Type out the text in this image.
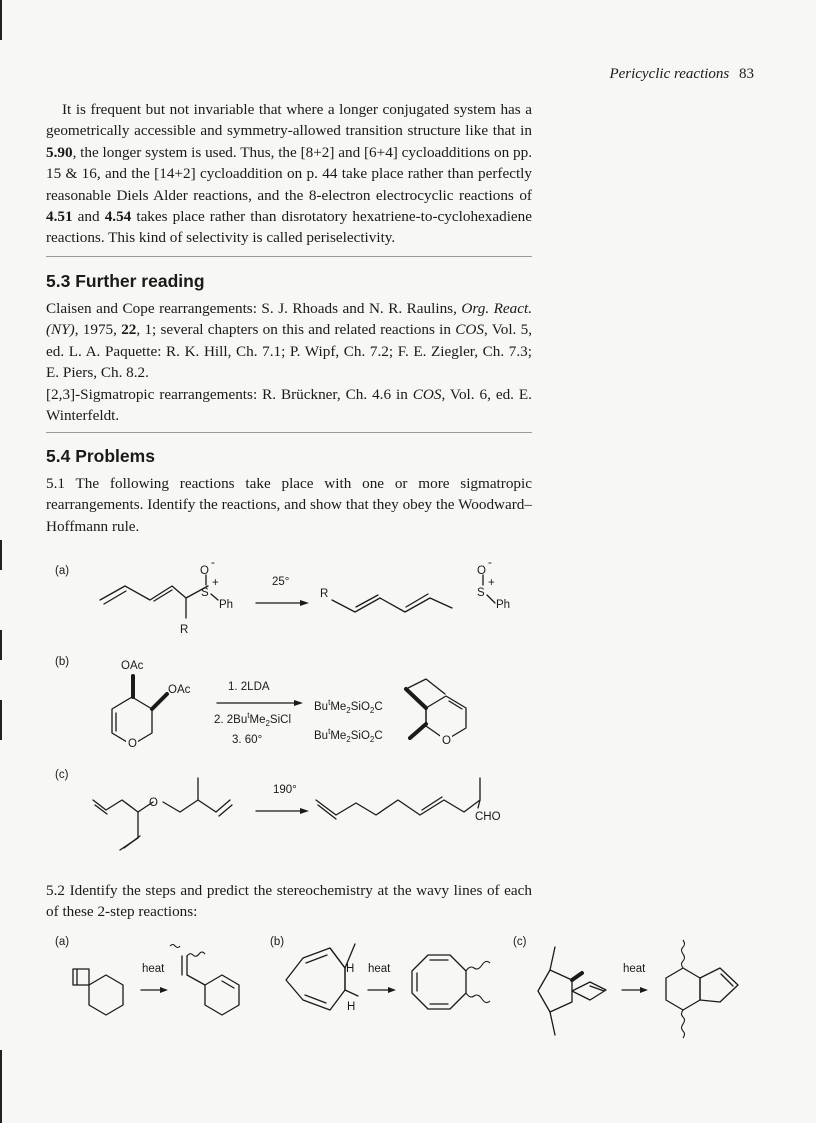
Pericyclic reactions 83

It is frequent but not invariable that where a longer conjugated system has a geometrically accessible and symmetry-allowed transition structure like that in 5.90, the longer system is used. Thus, the [8+2] and [6+4] cycloadditions on pp. 15 & 16, and the [14+2] cycloaddition on p. 44 take place rather than perfectly reasonable Diels Alder reactions, and the 8-electron electrocyclic reactions of 4.51 and 4.54 takes place rather than disrotatory hexatriene-to-cyclohexadiene reactions. This kind of selectivity is called periselectivity.

5.3 Further reading

Claisen and Cope rearrangements: S. J. Rhoads and N. R. Raulins, Org. React. (NY), 1975, 22, 1; several chapters on this and related reactions in COS, Vol. 5, ed. L. A. Paquette: R. K. Hill, Ch. 7.1; P. Wipf, Ch. 7.2; F. E. Ziegler, Ch. 7.3; E. Piers, Ch. 8.2.

[2,3]-Sigmatropic rearrangements: R. Brückner, Ch. 4.6 in COS, Vol. 6, ed. E. Winterfeldt.

5.4 Problems

5.1 The following reactions take place with one or more sigmatropic rearrangements. Identify the reactions, and show that they obey the Woodward–Hoffmann rule.

(a)	O
-
S
+
Ph
R
25°
R
O
-
S
+
Ph
(b)	OAc
O
OAc	1. 2LDA
2. $2Bu^tMe_2SiCl$
3. 60°
$Bu^tMe_2SiO_2C$
$Bu^tMe_2SiO_2C$	O
(c)
O
190°
CHO

5.2 Identify the steps and predict the stereochemistry at the wavy lines of each of these 2-step reactions:

(a)
heat
(b)
H
H
heat
(c)
heat
